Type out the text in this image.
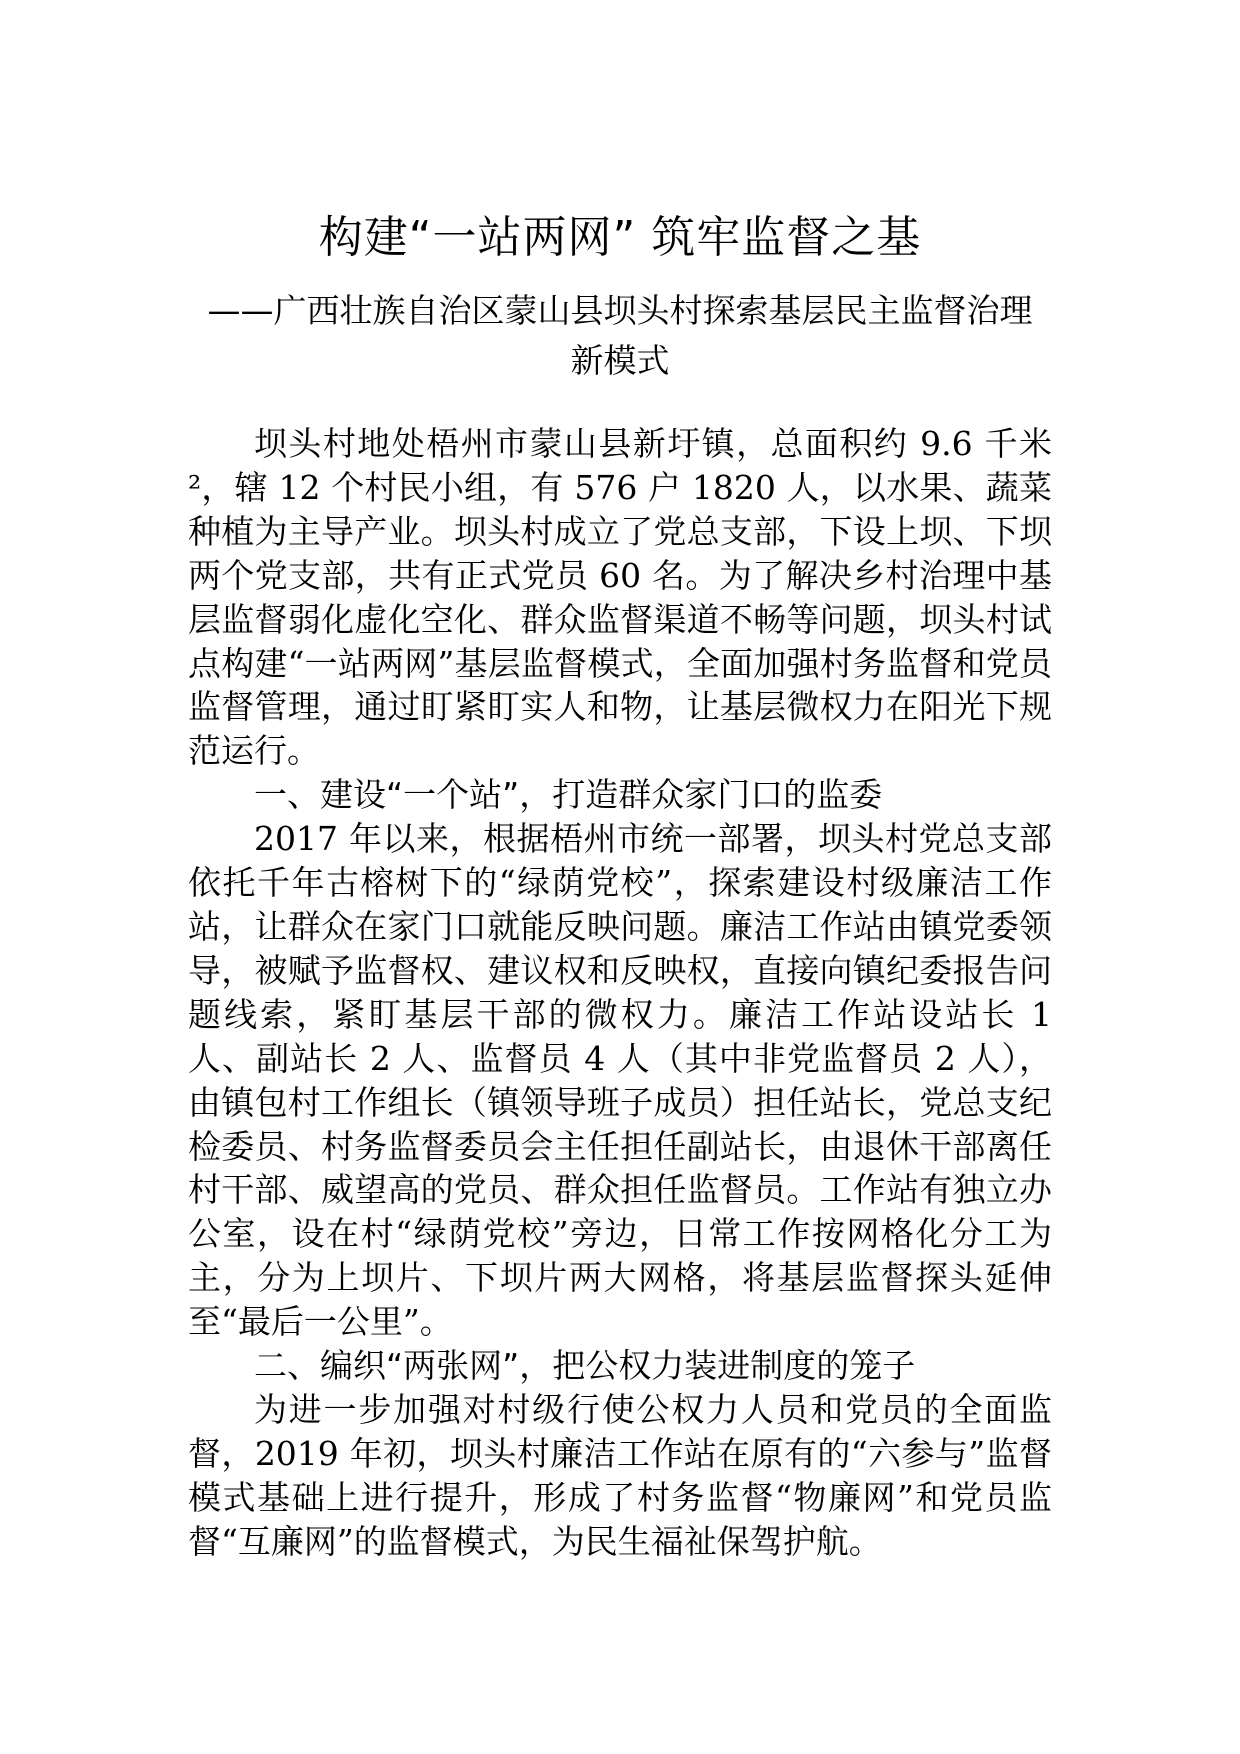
构建“一站两网” 筑牢监督之基
——广西壮族自治区蒙山县坝头村探索基层民主监督治理新模式

坝头村地处梧州市蒙山县新圩镇，总面积约 9.6 千米²，辖 12 个村民小组，有 576 户 1820 人，以水果、蔬菜种植为主导产业。坝头村成立了党总支部，下设上坝、下坝两个党支部，共有正式党员 60 名。为了解决乡村治理中基层监督弱化虚化空化、群众监督渠道不畅等问题，坝头村试点构建“一站两网”基层监督模式，全面加强村务监督和党员监督管理，通过盯紧盯实人和物，让基层微权力在阳光下规范运行。

一、建设“一个站”，打造群众家门口的监委

2017 年以来，根据梧州市统一部署，坝头村党总支部依托千年古榕树下的“绿荫党校”，探索建设村级廉洁工作站，让群众在家门口就能反映问题。廉洁工作站由镇党委领导，被赋予监督权、建议权和反映权，直接向镇纪委报告问题线索，紧盯基层干部的微权力。廉洁工作站设站长 1 人、副站长 2 人、监督员 4 人（其中非党监督员 2 人），由镇包村工作组长（镇领导班子成员）担任站长，党总支纪检委员、村务监督委员会主任担任副站长，由退休干部离任村干部、威望高的党员、群众担任监督员。工作站有独立办公室，设在村“绿荫党校”旁边，日常工作按网格化分工为主，分为上坝片、下坝片两大网格，将基层监督探头延伸至“最后一公里”。

二、编织“两张网”，把公权力装进制度的笼子

为进一步加强对村级行使公权力人员和党员的全面监督，2019 年初，坝头村廉洁工作站在原有的“六参与”监督模式基础上进行提升，形成了村务监督“物廉网”和党员监督“互廉网”的监督模式，为民生福祉保驾护航。
